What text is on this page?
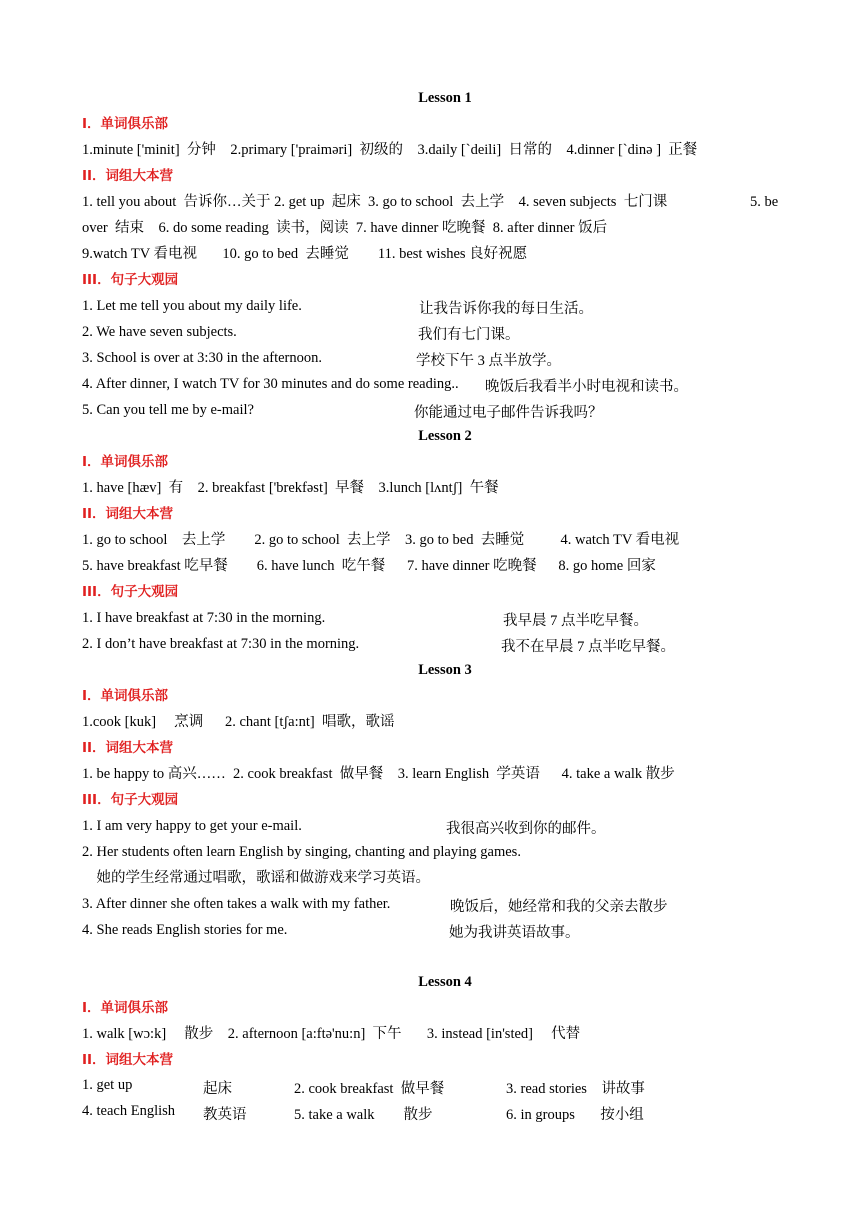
Lesson 1
I．单词俱乐部
1.minute ['minit]  分钟    2.primary ['praiməri]  初级的    3.daily [`deili]  日常的    4.dinner [`dinə ]  正餐
II．词组大本营
1. tell you about  告诉你…关于 2. get up  起床  3. go to school  去上学    4. seven subjects  七门课	5. be
over  结束    6. do some reading  读书，阅读  7. have dinner 吃晚餐  8. after dinner 饭后
9.watch TV 看电视       10. go to bed  去睡觉        11. best wishes 良好祝愿
III．句子大观园
1. Let me tell you about my daily life.	让我告诉你我的每日生活。
2. We have seven subjects.	我们有七门课。
3. School is over at 3:30 in the afternoon.	学校下午 3 点半放学。
4. After dinner, I watch TV for 30 minutes and do some reading.. 晚饭后我看半小时电视和读书。
5. Can you tell me by e-mail?	你能通过电子邮件告诉我吗？
Lesson 2
I．单词俱乐部
1. have [hæv]  有    2. breakfast ['brekfəst]  早餐    3.lunch [lʌntʃ]  午餐
II．词组大本营
1. go to school    去上学        2. go to school  去上学    3. go to bed  去睡觉          4. watch TV 看电视
5. have breakfast 吃早餐        6. have lunch  吃午餐      7. have dinner 吃晚餐      8. go home 回家
III．句子大观园
1. I have breakfast at 7:30 in the morning.	我早晨 7 点半吃早餐。
2. I don’t have breakfast at 7:30 in the morning.	我不在早晨 7 点半吃早餐。
Lesson 3
I．单词俱乐部
1.cook [kuk]     烹调      2. chant [tʃa:nt]  唱歌，歌谣
II．词组大本营
1. be happy to 高兴……  2. cook breakfast  做早餐    3. learn English  学英语      4. take a walk 散步
III．句子大观园
1. I am very happy to get your e-mail.	我很高兴收到你的邮件。
2. Her students often learn English by singing, chanting and playing games.
她的学生经常通过唱歌，歌谣和做游戏来学习英语。
3. After dinner she often takes a walk with my father.	晚饭后，她经常和我的父亲去散步
4. She reads English stories for me.	她为我讲英语故事。
Lesson 4
I．单词俱乐部
1. walk [wɔ:k]     散步    2. afternoon [a:ftə'nu:n]  下午       3. instead [in'sted]     代替
II．词组大本营
1. get up	起床	2. cook breakfast  做早餐	3. read stories    讲故事
4. teach English 教英语	5. take a walk        散步	6. in groups       按小组
